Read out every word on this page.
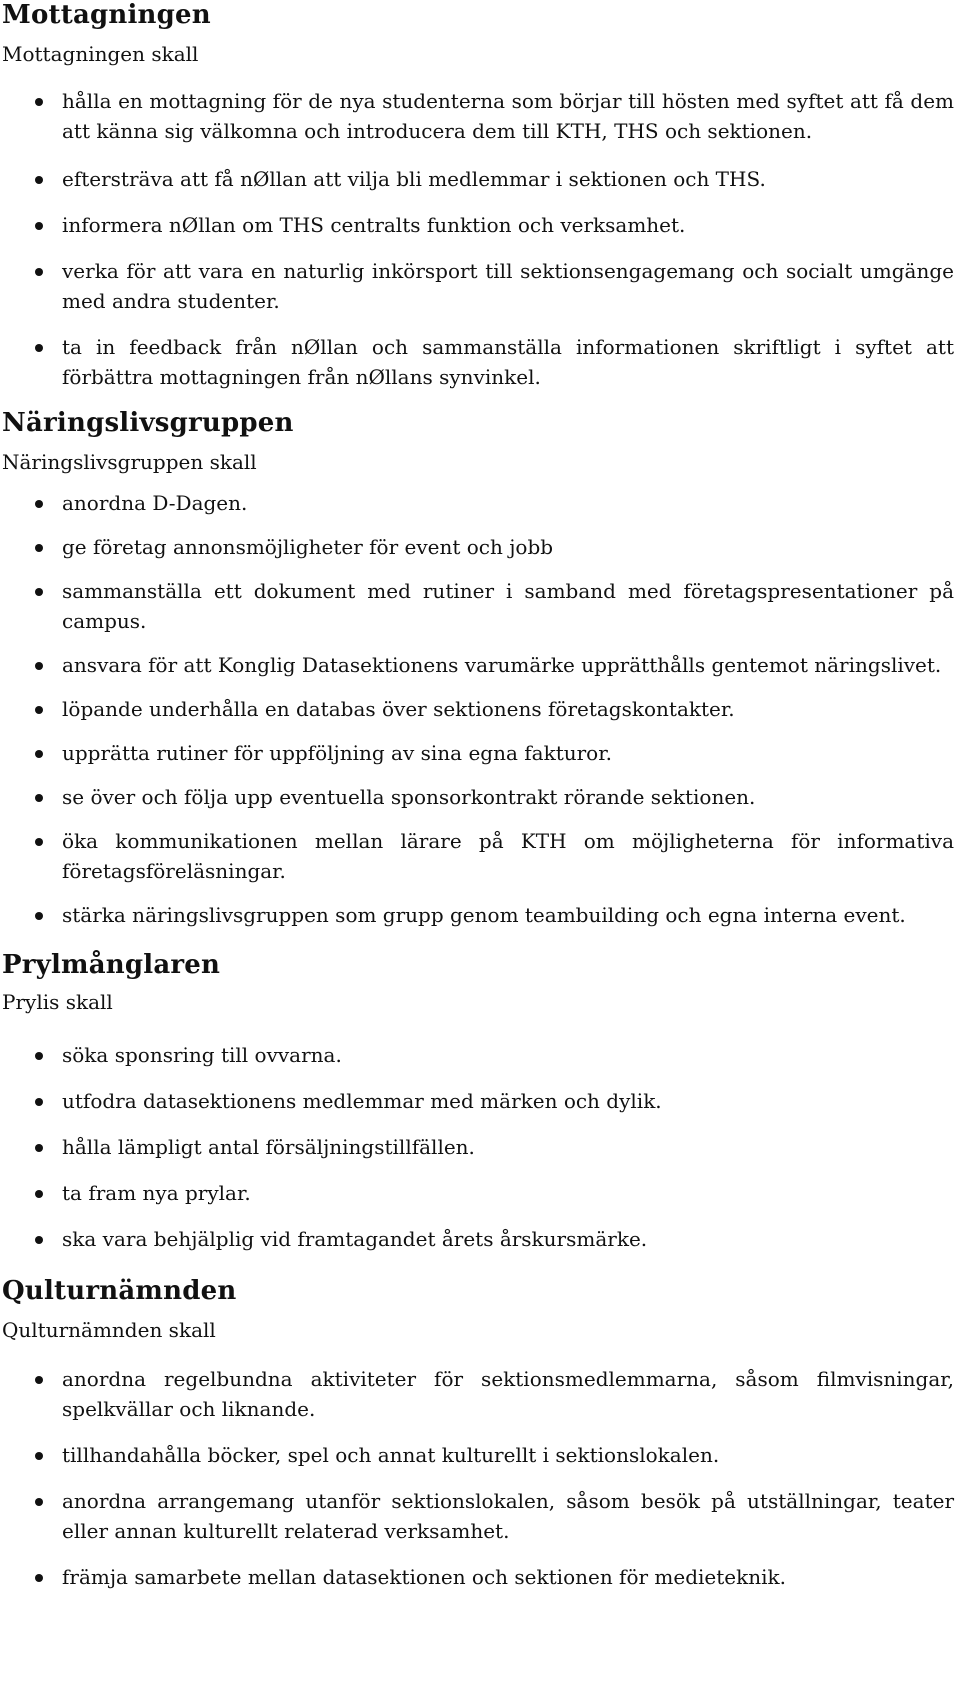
Mottagningen

Mottagningen skall

hålla en mottagning för de nya studenterna som börjar till hösten med syftet att få dem att känna sig välkomna och introducera dem till KTH, THS och sektionen.
eftersträva att få nØllan att vilja bli medlemmar i sektionen och THS.
informera nØllan om THS centralts funktion och verksamhet.
verka för att vara en naturlig inkörsport till sektionsengagemang och socialt umgänge med andra studenter.
ta in feedback från nØllan och sammanställa informationen skriftligt i syftet att förbättra mottagningen från nØllans synvinkel.
Näringslivsgruppen

Näringslivsgruppen skall

anordna D-Dagen.
ge företag annonsmöjligheter för event och jobb
sammanställa ett dokument med rutiner i samband med företagspresentationer på campus.
ansvara för att Konglig Datasektionens varumärke upprätthålls gentemot näringslivet.
löpande underhålla en databas över sektionens företagskontakter.
upprätta rutiner för uppföljning av sina egna fakturor.
se över och följa upp eventuella sponsorkontrakt rörande sektionen.
öka kommunikationen mellan lärare på KTH om möjligheterna för informativa företagsföreläsningar.
stärka näringslivsgruppen som grupp genom teambuilding och egna interna event.
Prylmånglaren

Prylis skall

söka sponsring till ovvarna.
utfodra datasektionens medlemmar med märken och dylik.
hålla lämpligt antal försäljningstillfällen.
ta fram nya prylar.
ska vara behjälplig vid framtagandet årets årskursmärke.
Qulturnämnden

Qulturnämnden skall

anordna regelbundna aktiviteter för sektionsmedlemmarna, såsom filmvisningar, spelkvällar och liknande.
tillhandahålla böcker, spel och annat kulturellt i sektionslokalen.
anordna arrangemang utanför sektionslokalen, såsom besök på utställningar, teater eller annan kulturellt relaterad verksamhet.
främja samarbete mellan datasektionen och sektionen för medieteknik.
